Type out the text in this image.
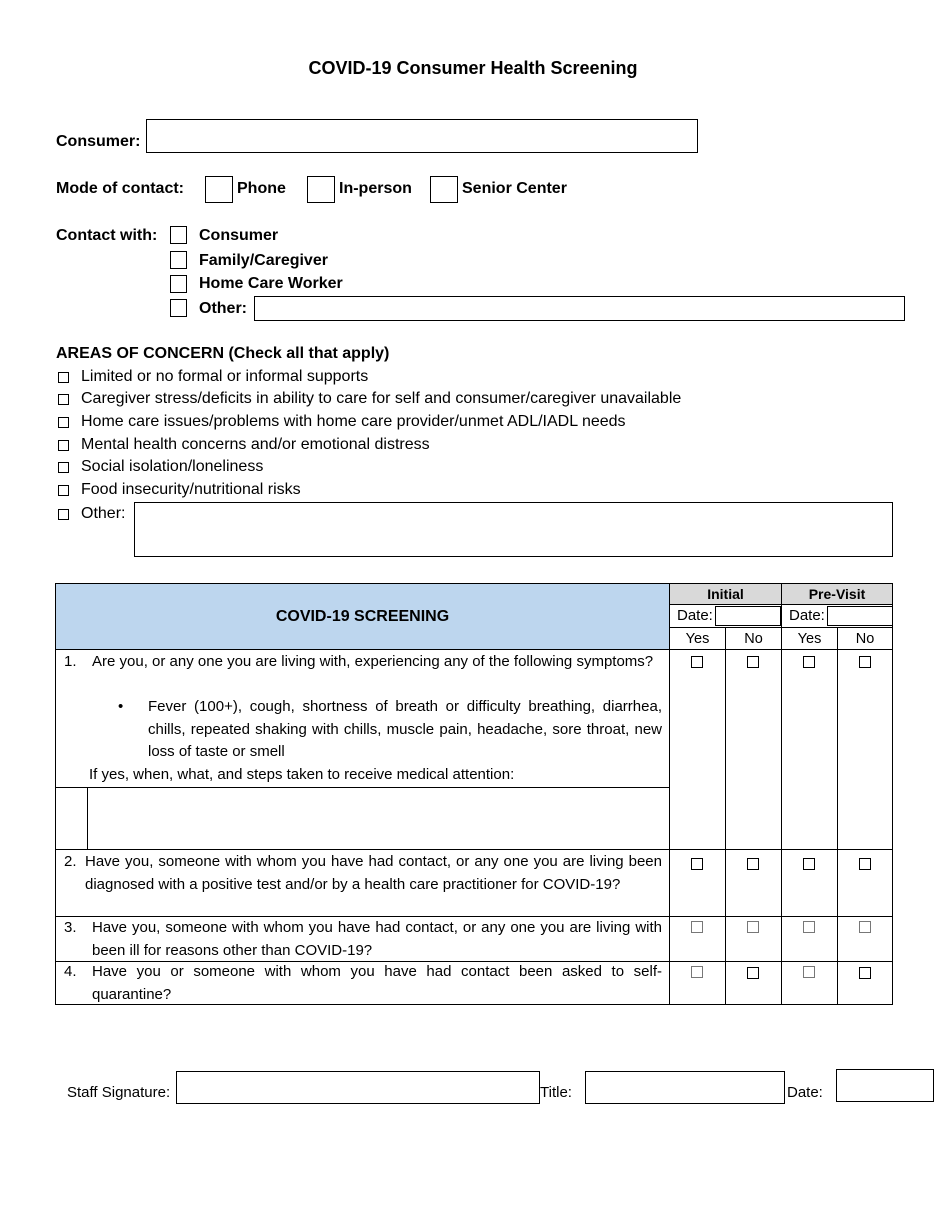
COVID-19 Consumer Health Screening
Consumer:
Mode of contact:	Phone	In-person	Senior Center
Contact with:	Consumer
Family/Caregiver
Home Care Worker
Other:
AREAS OF CONCERN (Check all that apply)
Limited or no formal or informal supports
Caregiver stress/deficits in ability to care for self and consumer/caregiver unavailable
Home care issues/problems with home care provider/unmet ADL/IADL needs
Mental health concerns and/or emotional distress
Social isolation/loneliness
Food insecurity/nutritional risks
Other:
COVID-19 SCREENING
Initial	Pre-Visit
Date:	Date:
Yes	No	Yes	No
1. Are you, or any one you are living with, experiencing any of the following symptoms?
• Fever (100+), cough, shortness of breath or difficulty breathing, diarrhea, chills, repeated shaking with chills, muscle pain, headache, sore throat, new loss of taste or smell
If yes, when, what, and steps taken to receive medical attention:
2. Have you, someone with whom you have had contact, or any one you are living been diagnosed with a positive test and/or by a health care practitioner for COVID-19?
3. Have you, someone with whom you have had contact, or any one you are living with been ill for reasons other than COVID-19?
4. Have you or someone with whom you have had contact been asked to self-quarantine?
Staff Signature:	Title:	Date:
